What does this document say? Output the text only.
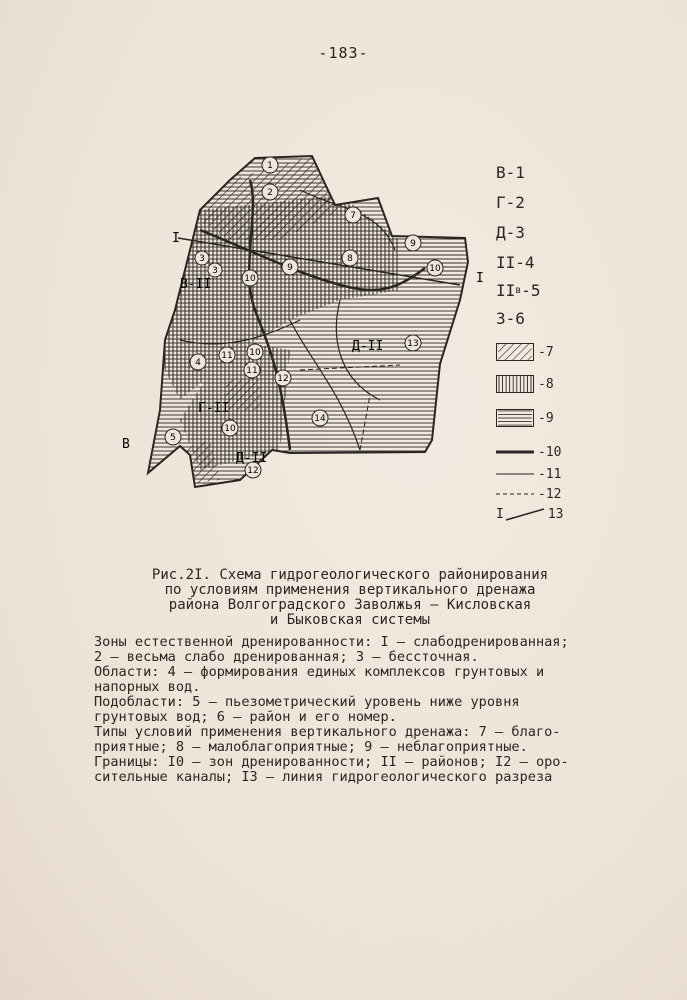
-183-
1
2
3
3
4
5
7
8
9
9
10
10
10
10
11
11
12
12
13
14
В-II
Г-II
Д-II
Д-II
В
I
I
В-1
Г-2
Д-3
II-4
II в -5
З-6
-7
-8
-9
-10
-11
-12
I	13
Рис.2I. Схема гидрогеологического районирования
по условиям применения вертикального дренажа
района Волгоградского Заволжья – Кисловская
и Быковская системы
Зоны естественной дренированности: I – слабодренированная;
2 – весьма слабо дренированная; 3 – бессточная.
Области: 4 – формирования единых комплексов грунтовых и
напорных вод.
Подобласти: 5 – пьезометрический уровень ниже уровня
грунтовых вод; 6 – район и его номер.
Типы условий применения вертикального дренажа: 7 – благо-
приятные; 8 – малоблагоприятные; 9 – неблагоприятные.
Границы: I0 – зон дренированности; II – районов; I2 – оро-
сительные каналы; I3 – линия гидрогеологического разреза
